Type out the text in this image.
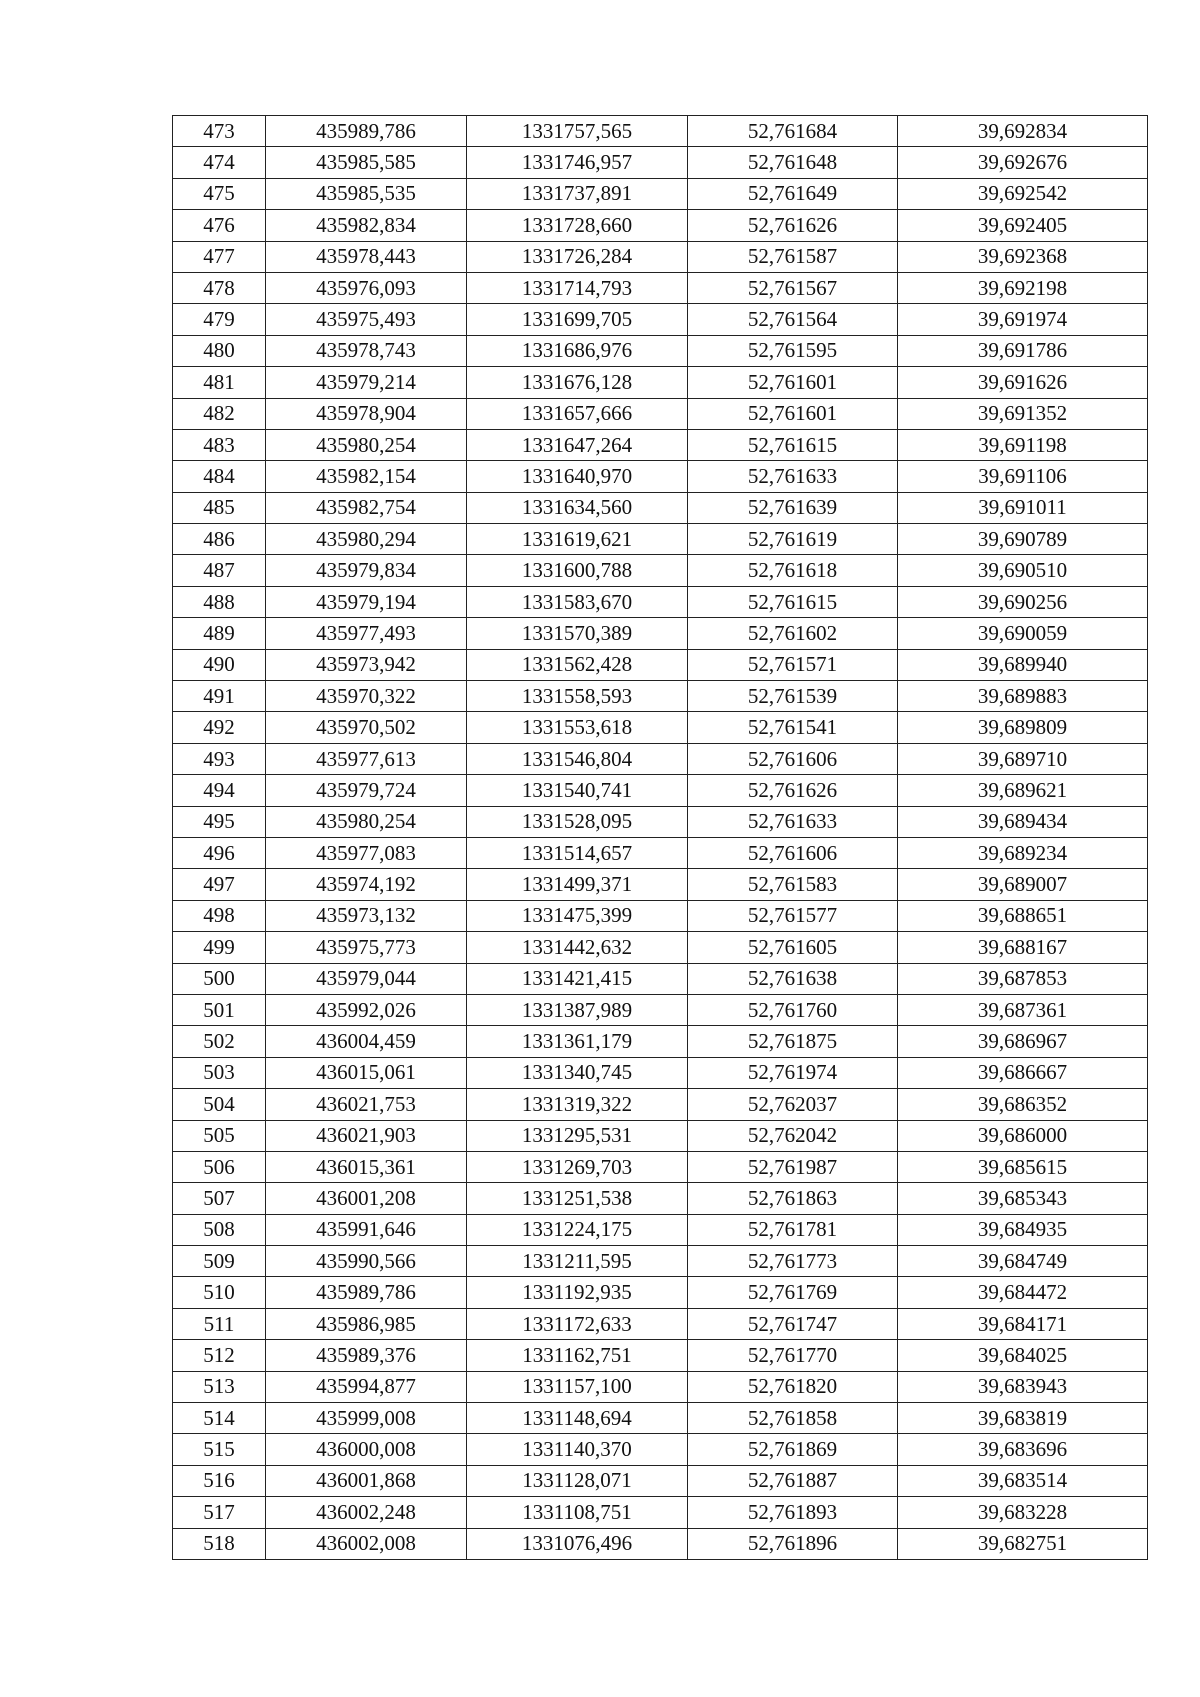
473	435989,786	1331757,565	52,761684	39,692834
474	435985,585	1331746,957	52,761648	39,692676
475	435985,535	1331737,891	52,761649	39,692542
476	435982,834	1331728,660	52,761626	39,692405
477	435978,443	1331726,284	52,761587	39,692368
478	435976,093	1331714,793	52,761567	39,692198
479	435975,493	1331699,705	52,761564	39,691974
480	435978,743	1331686,976	52,761595	39,691786
481	435979,214	1331676,128	52,761601	39,691626
482	435978,904	1331657,666	52,761601	39,691352
483	435980,254	1331647,264	52,761615	39,691198
484	435982,154	1331640,970	52,761633	39,691106
485	435982,754	1331634,560	52,761639	39,691011
486	435980,294	1331619,621	52,761619	39,690789
487	435979,834	1331600,788	52,761618	39,690510
488	435979,194	1331583,670	52,761615	39,690256
489	435977,493	1331570,389	52,761602	39,690059
490	435973,942	1331562,428	52,761571	39,689940
491	435970,322	1331558,593	52,761539	39,689883
492	435970,502	1331553,618	52,761541	39,689809
493	435977,613	1331546,804	52,761606	39,689710
494	435979,724	1331540,741	52,761626	39,689621
495	435980,254	1331528,095	52,761633	39,689434
496	435977,083	1331514,657	52,761606	39,689234
497	435974,192	1331499,371	52,761583	39,689007
498	435973,132	1331475,399	52,761577	39,688651
499	435975,773	1331442,632	52,761605	39,688167
500	435979,044	1331421,415	52,761638	39,687853
501	435992,026	1331387,989	52,761760	39,687361
502	436004,459	1331361,179	52,761875	39,686967
503	436015,061	1331340,745	52,761974	39,686667
504	436021,753	1331319,322	52,762037	39,686352
505	436021,903	1331295,531	52,762042	39,686000
506	436015,361	1331269,703	52,761987	39,685615
507	436001,208	1331251,538	52,761863	39,685343
508	435991,646	1331224,175	52,761781	39,684935
509	435990,566	1331211,595	52,761773	39,684749
510	435989,786	1331192,935	52,761769	39,684472
511	435986,985	1331172,633	52,761747	39,684171
512	435989,376	1331162,751	52,761770	39,684025
513	435994,877	1331157,100	52,761820	39,683943
514	435999,008	1331148,694	52,761858	39,683819
515	436000,008	1331140,370	52,761869	39,683696
516	436001,868	1331128,071	52,761887	39,683514
517	436002,248	1331108,751	52,761893	39,683228
518	436002,008	1331076,496	52,761896	39,682751
